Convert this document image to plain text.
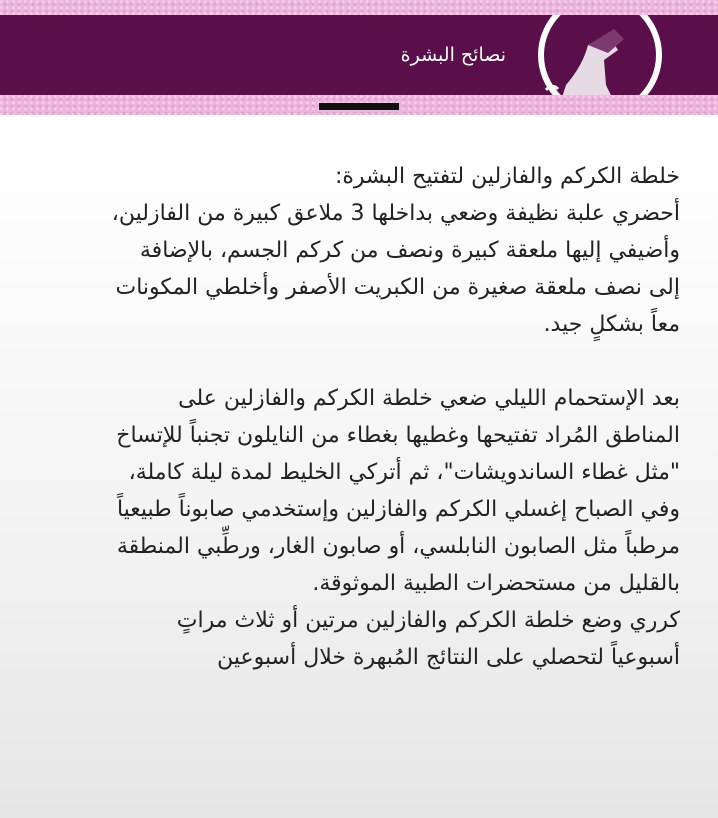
نصائح البشرة
خلطة الكركم والفازلين لتفتيح البشرة:
أحضري علبة نظيفة وضعي بداخلها 3 ملاعق كبيرة من الفازلين،
وأضيفي إليها ملعقة كبيرة ونصف من كركم الجسم، بالإضافة
إلى نصف ملعقة صغيرة من الكبريت الأصفر وأخلطي المكونات
معاً بشكلٍ جيد.
بعد الإستحمام الليلي ضعي خلطة الكركم والفازلين على
المناطق المُراد تفتيحها وغطيها بغطاء من النايلون تجنباً للإتساخ
"مثل غطاء الساندويشات"، ثم أتركي الخليط لمدة ليلة كاملة،
وفي الصباح إغسلي الكركم والفازلين وإستخدمي صابوناً طبيعياً
مرطباً مثل الصابون النابلسي، أو صابون الغار، ورطِّبي المنطقة
بالقليل من مستحضرات الطبية الموثوقة.
كرري وضع خلطة الكركم والفازلين مرتين أو ثلاث مراتٍ
أسبوعياً لتحصلي على النتائج المُبهرة خلال أسبوعين
